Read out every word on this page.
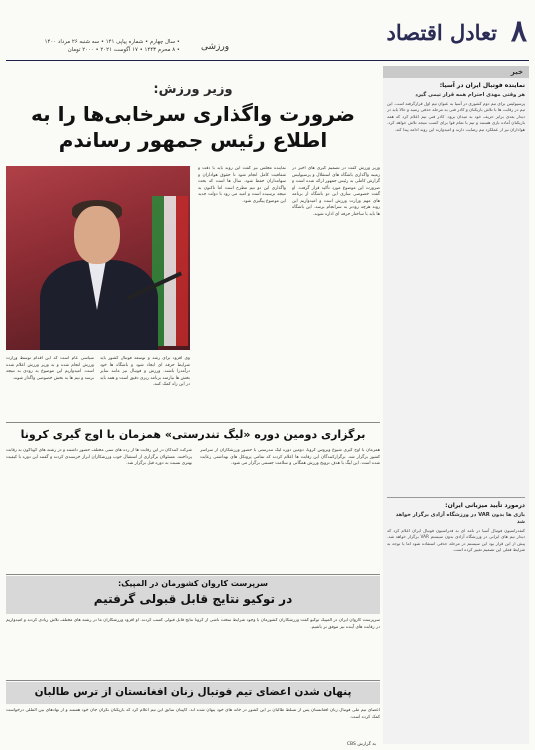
۸
تعادل اقتصاد
ورزشی
• سال چهارم • شماره پیاپی ۱۴۱ • سه شنبه ۲۶ مرداد ۱۴۰۰
• ۸ محرم ۱۴۴۳ • ۱۷ آگوست ۲۰۲۱ • ۲۰۰۰ تومان
خبر
نماینده فوتبال ایران در آسیا:
هر وقتی مهدی احترام همه قرار تیمی گیرد
پرسپولیس برای تیم دوم کشوری در آسیا به عنوان تیم اول قرارگرفته است. این تیم در رقابت ها با تلاش بازیکنان و کادر فنی به مرحله حذفی رسید و حالا باید در دیدار بعدی برابر حریف خود به میدان برود. کادر فنی تیم اعلام کرد که همه بازیکنان آماده بازی هستند و تیم با تمام قوا برای کسب نتیجه تلاش خواهد کرد. هواداران نیز از عملکرد تیم رضایت دارند و امیدوارند این روند ادامه پیدا کند.
درمورد تأیید میزبانی ایران:
بازی ها بدون VAR در ورزشگاه آزادی برگزار خواهد شد
کنفدراسیون فوتبال آسیا در نامه ای به فدراسیون فوتبال ایران اعلام کرد که دیدار تیم های ایرانی در ورزشگاه آزادی بدون سیستم VAR برگزار خواهد شد. پیش از این قرار بود این سیستم در مرحله حذفی استفاده شود اما با توجه به شرایط فعلی این تصمیم تغییر کرده است.
وزیر ورزش:
ضرورت واگذاری سرخابی‌ها را به اطلاع رئیس جمهور رساندم
وزیر ورزش گفت در تصمیم گیری های اخیر در زمینه واگذاری باشگاه های استقلال و پرسپولیس گزارش کاملی به رئیس جمهور ارائه شده است و ضرورت این موضوع مورد تأکید قرار گرفت. او گفت خصوصی سازی این دو باشگاه از برنامه های مهم وزارت ورزش است و امیدواریم این روند هرچه زودتر به سرانجام برسد. این باشگاه ها باید با ساختار حرفه ای اداره شوند.
نماینده مجلس نیز گفت این روند باید با دقت و شفافیت کامل انجام شود تا حقوق هواداران و سهامداران حفظ شود. سال ها است که بحث واگذاری این دو تیم مطرح است اما تاکنون به نتیجه نرسیده است و امید می رود با دولت جدید این موضوع پیگیری شود.
وی افزود برای رشد و توسعه فوتبال کشور باید شرایط حرفه ای ایجاد شود و باشگاه ها خود درآمدزا باشند. ورزش و فوتبال نیز مانند سایر بخش ها نیازمند برنامه ریزی دقیق است و همه باید در این راه کمک کنند.
سیاسی عام است که این اقدام توسط وزارت ورزش انجام شده و به وزیر ورزش اعلام شده است. امیدواریم این موضوع به زودی به نتیجه برسد و تیم ها به بخش خصوصی واگذار شوند.
برگزاری دومین دوره «لیگ تندرستی» همزمان با اوج گیری کرونا
همزمان با اوج گیری شیوع ویروس کرونا، دومین دوره لیگ تندرستی با حضور ورزشکاران از سراسر کشور برگزار شد. برگزارکنندگان این رقابت ها اعلام کردند که تمامی پروتکل های بهداشتی رعایت شده است. این لیگ با هدف ترویج ورزش همگانی و سلامت جسمی برگزار می شود.
شرکت کنندگان در این رقابت ها از رده های سنی مختلف حضور داشتند و در رشته های گوناگون به رقابت پرداختند. مسئولان برگزاری از استقبال خوب ورزشکاران ابراز خرسندی کردند و گفتند این دوره با کیفیت بهتری نسبت به دوره قبل برگزار شد.
سرپرست کاروان کشورمان در المپیک:
در توکیو نتایج قابل قبولی گرفتیم
سرپرست کاروان ایران در المپیک توکیو گفت ورزشکاران کشورمان با وجود شرایط سخت ناشی از کرونا نتایج قابل قبولی کسب کردند. او افزود ورزشکاران ما در رشته های مختلف تلاش زیادی کردند و امیدواریم در رقابت های آینده نیز موفق تر باشیم.
پنهان شدن اعضای تیم فوتبال زنان افغانستان از ترس طالبان
اعضای تیم ملی فوتبال زنان افغانستان پس از تسلط طالبان بر این کشور در خانه های خود پنهان شده اند. کاپیتان سابق این تیم اعلام کرد که بازیکنان نگران جان خود هستند و از نهادهای بین المللی درخواست کمک کرده است.
به گزارش CBS
